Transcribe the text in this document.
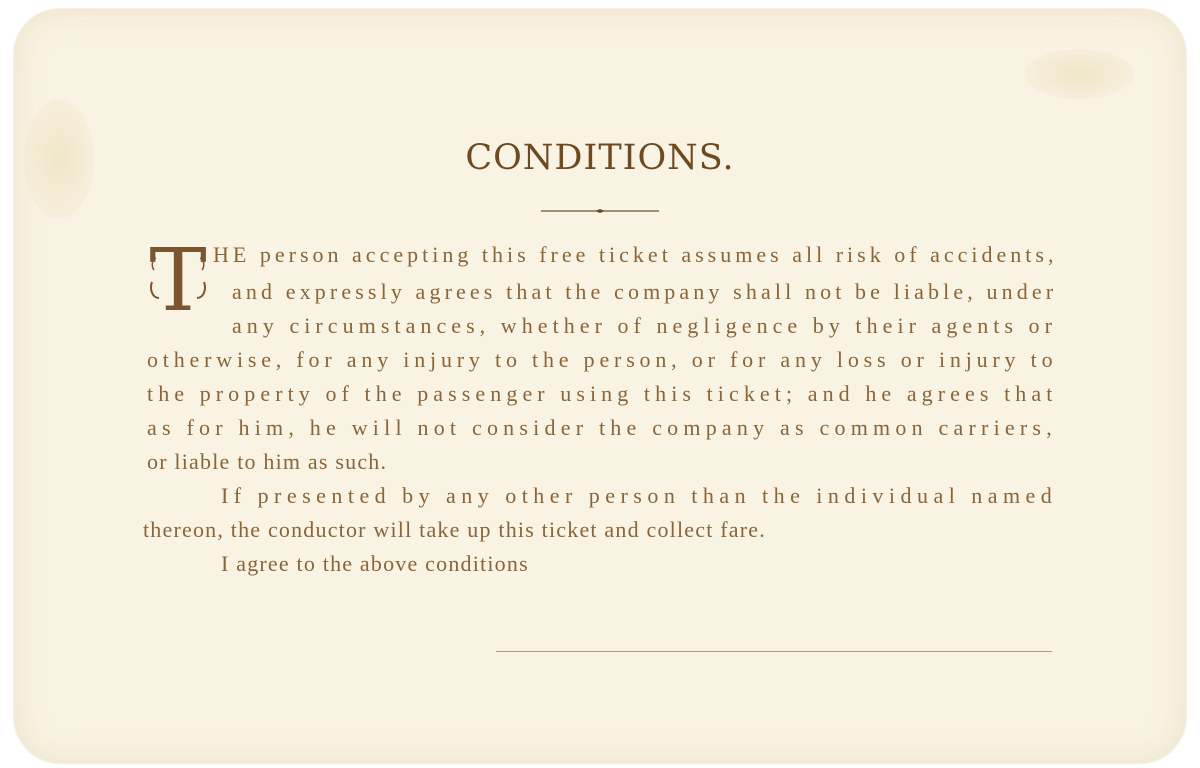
CONDITIONS.
T HE person accepting this free ticket assumes all risk of accidents,
and expressly agrees that the company shall not be liable, under
any circumstances, whether of negligence by their agents or
otherwise, for any injury to the person, or for any loss or injury to
the property of the passenger using this ticket; and he agrees that
as for him, he will not consider the company as common carriers,
or liable to him as such.
If presented by any other person than the individual named
thereon, the conductor will take up this ticket and collect fare.
I agree to the above conditions
